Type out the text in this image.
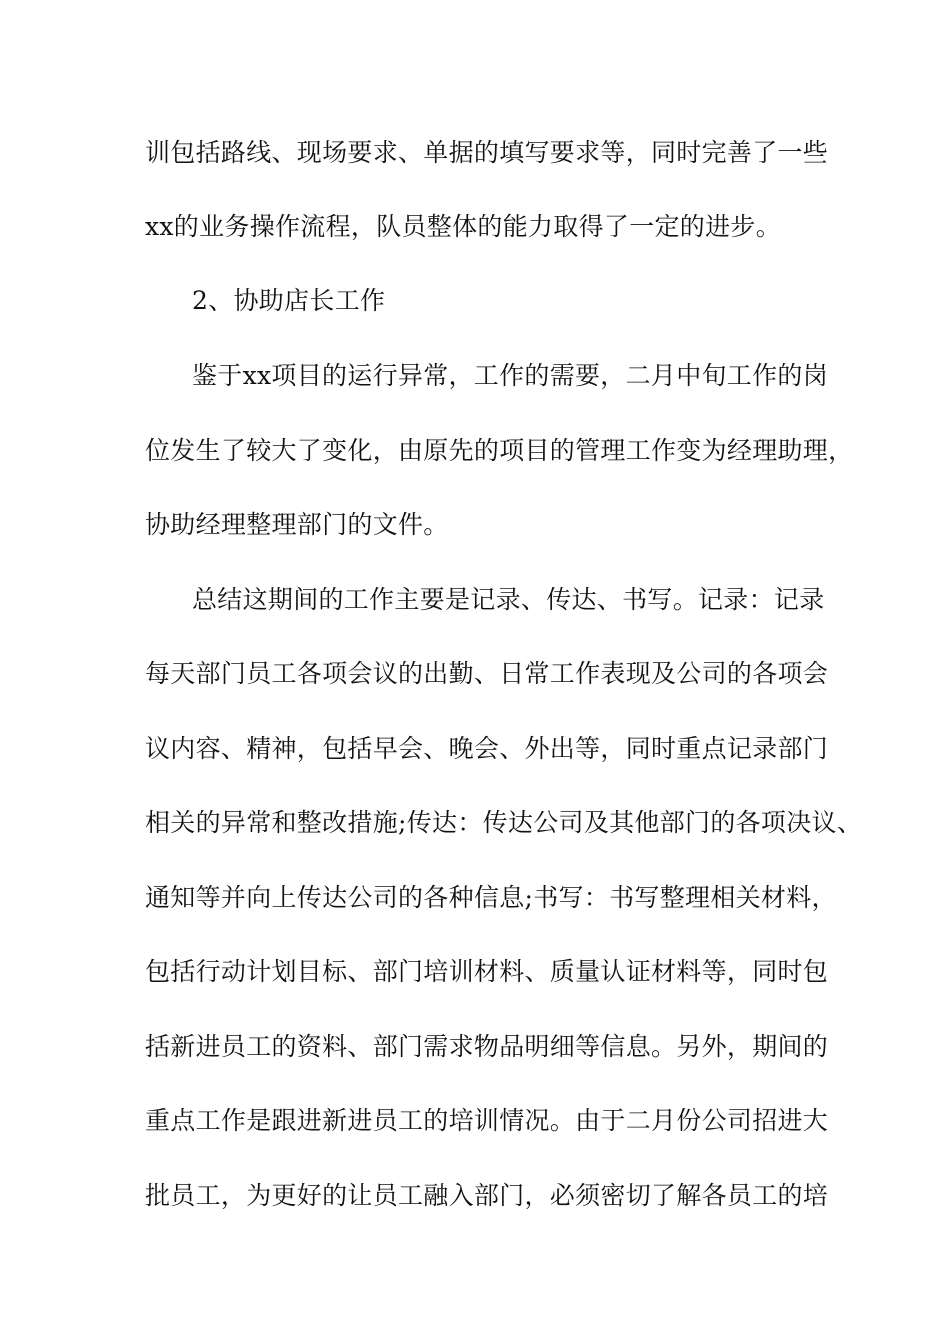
训包括路线、现场要求、单据的填写要求等，同时完善了一些
xx的业务操作流程，队员整体的能力取得了一定的进步。
2、协助店长工作
鉴于xx项目的运行异常，工作的需要，二月中旬工作的岗
位发生了较大了变化，由原先的项目的管理工作变为经理助理，
协助经理整理部门的文件。
总结这期间的工作主要是记录、传达、书写。记录：记录
每天部门员工各项会议的出勤、日常工作表现及公司的各项会
议内容、精神，包括早会、晚会、外出等，同时重点记录部门
相关的异常和整改措施;传达：传达公司及其他部门的各项决议、
通知等并向上传达公司的各种信息;书写：书写整理相关材料，
包括行动计划目标、部门培训材料、质量认证材料等，同时包
括新进员工的资料、部门需求物品明细等信息。另外，期间的
重点工作是跟进新进员工的培训情况。由于二月份公司招进大
批员工，为更好的让员工融入部门，必须密切了解各员工的培
